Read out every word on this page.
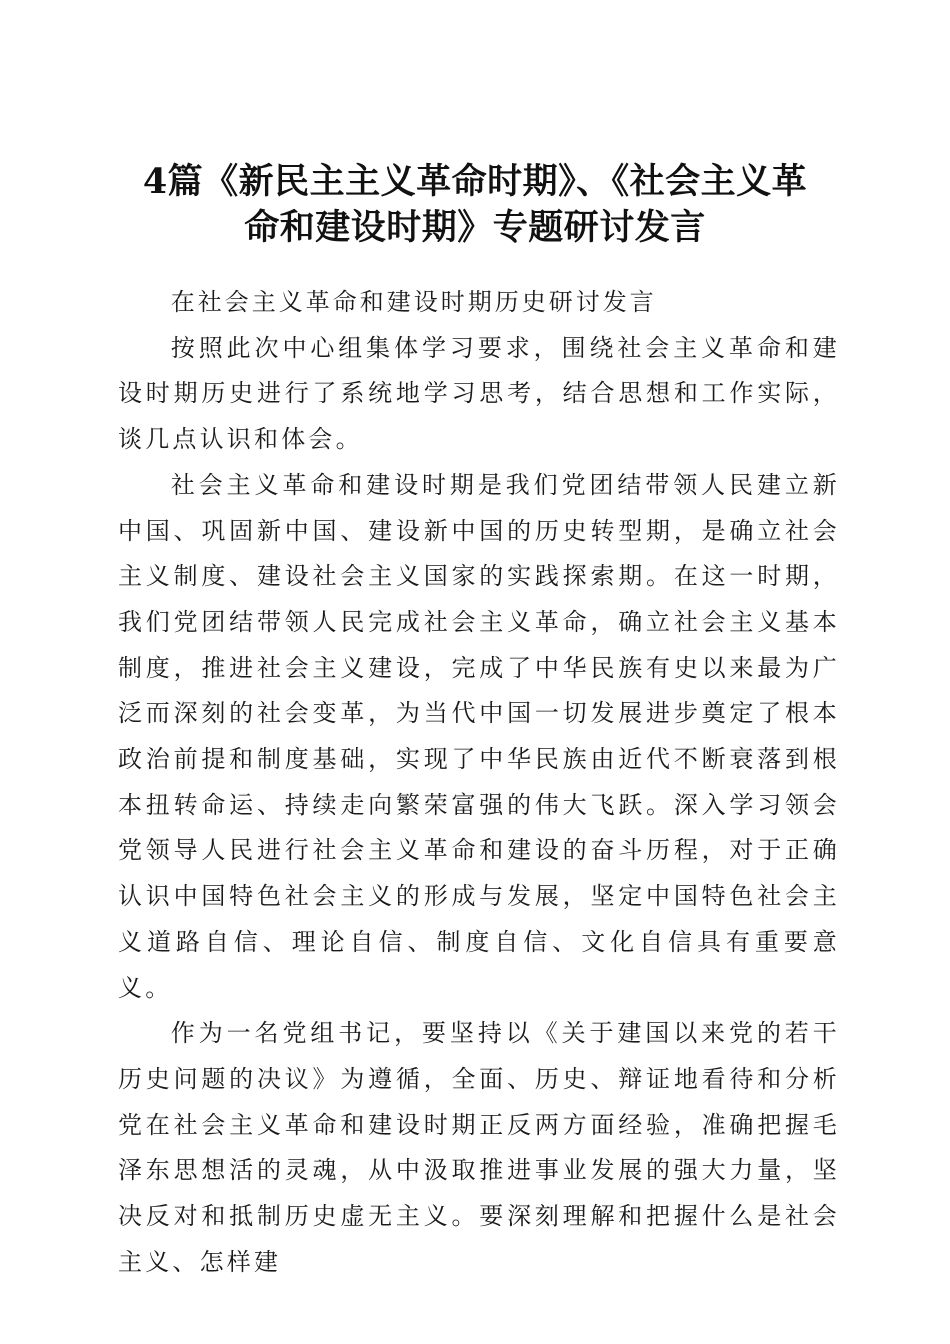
4篇《新民主主义革命时期》、《社会主义革
命和建设时期》专题研讨发言

在社会主义革命和建设时期历史研讨发言

按照此次中心组集体学习要求，围绕社会主义革命和建设时期历史进行了系统地学习思考，结合思想和工作实际，谈几点认识和体会。

社会主义革命和建设时期是我们党团结带领人民建立新中国、巩固新中国、建设新中国的历史转型期，是确立社会主义制度、建设社会主义国家的实践探索期。在这一时期，我们党团结带领人民完成社会主义革命，确立社会主义基本制度，推进社会主义建设，完成了中华民族有史以来最为广泛而深刻的社会变革，为当代中国一切发展进步奠定了根本政治前提和制度基础，实现了中华民族由近代不断衰落到根本扭转命运、持续走向繁荣富强的伟大飞跃。深入学习领会党领导人民进行社会主义革命和建设的奋斗历程，对于正确认识中国特色社会主义的形成与发展，坚定中国特色社会主义道路自信、理论自信、制度自信、文化自信具有重要意义。

作为一名党组书记，要坚持以《关于建国以来党的若干历史问题的决议》为遵循，全面、历史、辩证地看待和分析党在社会主义革命和建设时期正反两方面经验，准确把握毛泽东思想活的灵魂，从中汲取推进事业发展的强大力量，坚决反对和抵制历史虚无主义。要深刻理解和把握什么是社会主义、怎样建
